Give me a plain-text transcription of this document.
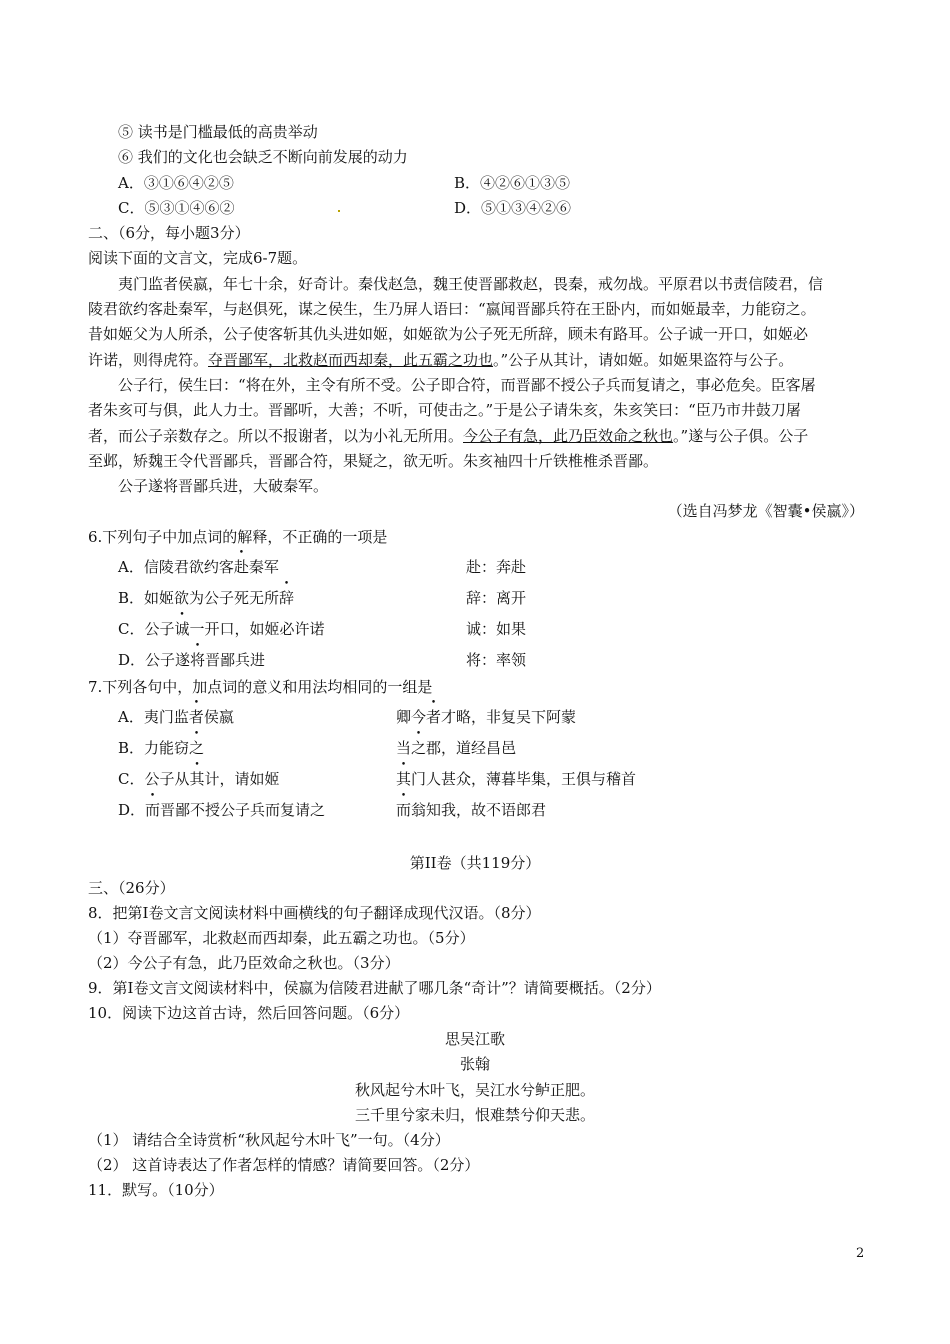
⑤ 读书是门槛最低的高贵举动
⑥ 我们的文化也会缺乏不断向前发展的动力
A．③①⑥④②⑤	B．④②⑥①③⑤
C．⑤③①④⑥②	D．⑤①③④②⑥
二、（6分，每小题3分）
阅读下面的文言文，完成6-7题。
夷门监者侯嬴，年七十余，好奇计。秦伐赵急，魏王使晋鄙救赵，畏秦，戒勿战。平原君以书责信陵君，信
陵君欲约客赴秦军，与赵俱死，谋之侯生，生乃屏人语曰：“嬴闻晋鄙兵符在王卧内，而如姬最幸，力能窃之。
昔如姬父为人所杀，公子使客斩其仇头进如姬，如姬欲为公子死无所辞，顾未有路耳。公子诚一开口，如姬必
许诺，则得虎符。夺晋鄙军，北救赵而西却秦，此五霸之功也。”公子从其计，请如姬。如姬果盗符与公子。
公子行，侯生曰：“将在外，主令有所不受。公子即合符，而晋鄙不授公子兵而复请之，事必危矣。臣客屠
者朱亥可与俱，此人力士。晋鄙听，大善；不听，可使击之。”于是公子请朱亥，朱亥笑曰：“臣乃市井鼓刀屠
者，而公子亲数存之。所以不报谢者，以为小礼无所用。今公子有急，此乃臣效命之秋也。”遂与公子俱。公子
至邺，矫魏王令代晋鄙兵，晋鄙合符，果疑之，欲无听。朱亥袖四十斤铁椎椎杀晋鄙。
公子遂将晋鄙兵进，大破秦军。
（选自冯梦龙《智囊•侯嬴》）
6.下列句子中加点词的解释，不正确的一项是
A．信陵君欲约客赴秦军	赴：奔赴
B．如姬欲为公子死无所辞	辞：离开
C．公子诚一开口，如姬必许诺	诚：如果
D．公子遂将晋鄙兵进	将：率领
7.下列各句中，加点词的意义和用法均相同的一组是
A．夷门监者侯嬴	卿今者才略，非复吴下阿蒙
B．力能窃之	当之郡，道经昌邑
C．公子从其计，请如姬	其门人甚众，薄暮毕集，王俱与稽首
D．而晋鄙不授公子兵而复请之	而翁知我，故不语郎君
第II卷（共119分）
三、（26分）
8．把第I卷文言文阅读材料中画横线的句子翻译成现代汉语。（8分）
（1）夺晋鄙军，北救赵而西却秦，此五霸之功也。（5分）
（2）今公子有急，此乃臣效命之秋也。（3分）
9．第I卷文言文阅读材料中，侯嬴为信陵君进献了哪几条“奇计”？请简要概括。（2分）
10．阅读下边这首古诗，然后回答问题。（6分）
思吴江歌
张翰
秋风起兮木叶飞，吴江水兮鲈正肥。
三千里兮家未归，恨难禁兮仰天悲。
（1） 请结合全诗赏析“秋风起兮木叶飞”一句。（4分）
（2） 这首诗表达了作者怎样的情感？请简要回答。（2分）
11．默写。（10分）
2
